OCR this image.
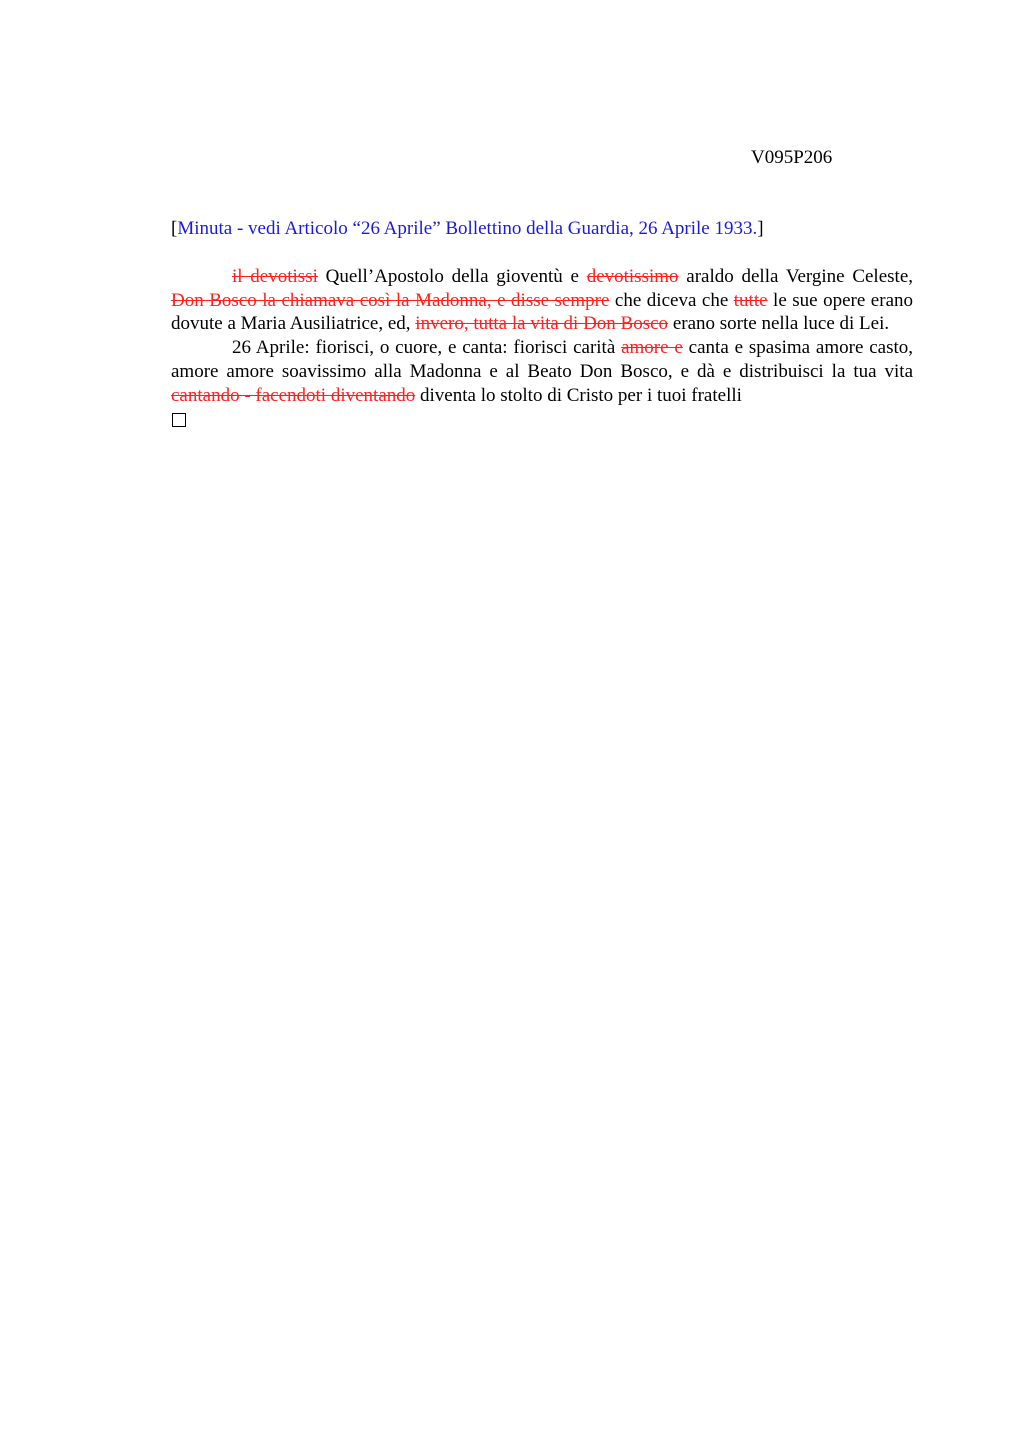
V095P206
[Minuta - vedi Articolo “26 Aprile” Bollettino della Guardia, 26 Aprile 1933.]

il devotissi Quell’Apostolo della gioventù e devotissimo araldo della Vergine Celeste, Don Bosco la chiamava così la Madonna, e disse sempre che diceva che tutte le sue opere erano dovute a Maria Ausiliatrice, ed, invero, tutta la vita di Don Bosco erano sorte nella luce di Lei.

26 Aprile: fiorisci, o cuore, e canta: fiorisci carità amore e canta e spasima amore casto, amore amore soavissimo alla Madonna e al Beato Don Bosco, e dà e distribuisci la tua vita cantando - facendoti diventando diventa lo stolto di Cristo per i tuoi fratelli
